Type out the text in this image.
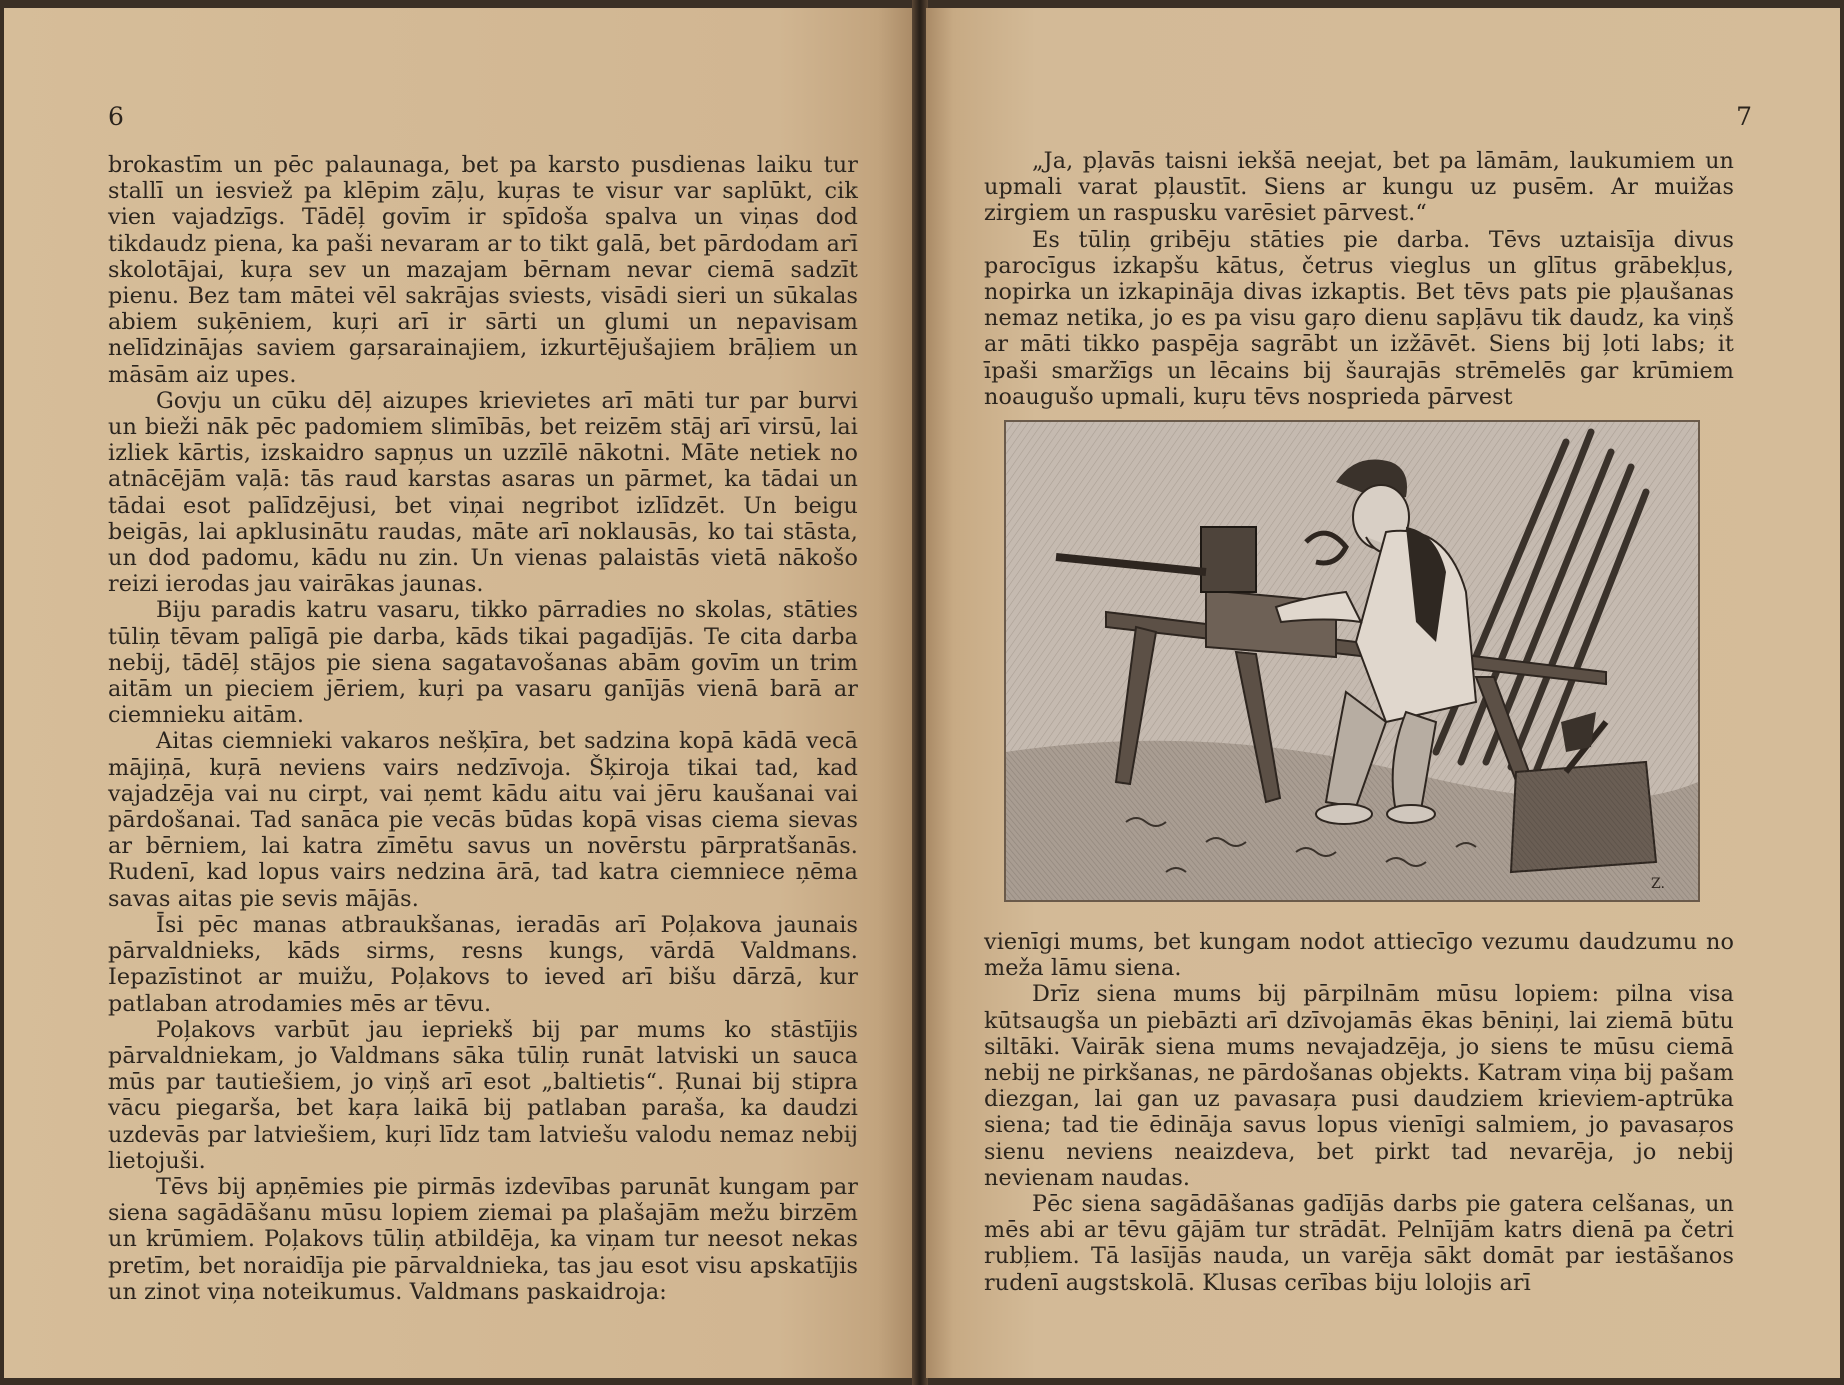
6

brokastīm un pēc palaunaga, bet pa karsto pusdienas laiku tur stallī un iesviež pa klēpim zāļu, kuŗas te visur var saplūkt, cik vien vajadzīgs. Tādēļ govīm ir spīdoša spalva un viņas dod tikdaudz piena, ka paši nevaram ar to tikt galā, bet pārdodam arī skolotājai, kuŗa sev un mazajam bērnam nevar ciemā sadzīt pienu. Bez tam mātei vēl sakrājas sviests, visādi sieri un sūkalas abiem suķēniem, kuŗi arī ir sārti un glumi un nepavisam nelīdzinājas saviem gaŗsarainajiem, izkurtējušajiem brāļiem un māsām aiz upes.

Govju un cūku dēļ aizupes krievietes arī māti tur par burvi un bieži nāk pēc padomiem slimībās, bet reizēm stāj arī virsū, lai izliek kārtis, izskaidro sapņus un uzzīlē nākotni. Māte netiek no atnācējām vaļā: tās raud karstas asaras un pārmet, ka tādai un tādai esot palīdzējusi, bet viņai negribot izlīdzēt. Un beigu beigās, lai apklusinātu raudas, māte arī noklausās, ko tai stāsta, un dod padomu, kādu nu zin. Un vienas palaistās vietā nākošo reizi ierodas jau vairākas jaunas.

Biju paradis katru vasaru, tikko pārradies no skolas, stāties tūliņ tēvam palīgā pie darba, kāds tikai pagadījās. Te cita darba nebij, tādēļ stājos pie siena sagatavošanas abām govīm un trim aitām un pieciem jēriem, kuŗi pa vasaru ganījās vienā barā ar ciemnieku aitām.

Aitas ciemnieki vakaros nešķīra, bet sadzina kopā kādā vecā mājiņā, kuŗā neviens vairs nedzīvoja. Šķiroja tikai tad, kad vajadzēja vai nu cirpt, vai ņemt kādu aitu vai jēru kaušanai vai pārdošanai. Tad sanāca pie vecās būdas kopā visas ciema sievas ar bērniem, lai katra zīmētu savus un novērstu pārpratšanās. Rudenī, kad lopus vairs nedzina ārā, tad katra ciemniece ņēma savas aitas pie sevis mājās.

Īsi pēc manas atbraukšanas, ieradās arī Poļakova jaunais pārvaldnieks, kāds sirms, resns kungs, vārdā Valdmans. Iepazīstinot ar muižu, Poļakovs to ieved arī bišu dārzā, kur patlaban atrodamies mēs ar tēvu.

Poļakovs varbūt jau iepriekš bij par mums ko stāstījis pārvaldniekam, jo Valdmans sāka tūliņ runāt latviski un sauca mūs par tautiešiem, jo viņš arī esot „baltietis“. Ŗunai bij stipra vācu piegarša, bet kaŗa laikā bij patlaban paraša, ka daudzi uzdevās par latviešiem, kuŗi līdz tam latviešu valodu nemaz nebij lietojuši.

Tēvs bij apņēmies pie pirmās izdevības parunāt kungam par siena sagādāšanu mūsu lopiem ziemai pa plašajām mežu birzēm un krūmiem. Poļakovs tūliņ atbildēja, ka viņam tur neesot nekas pretīm, bet noraidīja pie pārvaldnieka, tas jau esot visu apskatījis un zinot viņa noteikumus. Valdmans paskaidroja:

7

„Ja, pļavās taisni iekšā neejat, bet pa lāmām, laukumiem un upmali varat pļaustīt. Siens ar kungu uz pusēm. Ar muižas zirgiem un raspusku varēsiet pārvest.“

Es tūliņ gribēju stāties pie darba. Tēvs uztaisīja divus parocīgus izkapšu kātus, četrus vieglus un glītus grābekļus, nopirka un izkapināja divas izkaptis. Bet tēvs pats pie pļaušanas nemaz netika, jo es pa visu gaŗo dienu sapļāvu tik daudz, ka viņš ar māti tikko paspēja sagrābt un izžāvēt. Siens bij ļoti labs; it īpaši smaržīgs un lēcains bij šaurajās strēmelēs gar krūmiem noaugušo upmali, kuŗu tēvs nosprieda pārvest

Z.

vienīgi mums, bet kungam nodot attiecīgo vezumu daudzumu no meža lāmu siena.

Drīz siena mums bij pārpilnām mūsu lopiem: pilna visa kūtsaugša un piebāzti arī dzīvojamās ēkas bēniņi, lai ziemā būtu siltāki. Vairāk siena mums nevajadzēja, jo siens te mūsu ciemā nebij ne pirkšanas, ne pārdošanas objekts. Katram viņa bij pašam diezgan, lai gan uz pavasaŗa pusi daudziem krieviem-aptrūka siena; tad tie ēdināja savus lopus vienīgi salmiem, jo pavasaŗos sienu neviens neaizdeva, bet pirkt tad nevarēja, jo nebij nevienam naudas.

Pēc siena sagādāšanas gadījās darbs pie gatera celšanas, un mēs abi ar tēvu gājām tur strādāt. Pelnījām katrs dienā pa četri rubļiem. Tā lasījās nauda, un varēja sākt domāt par iestāšanos rudenī augstskolā. Klusas cerības biju lolojis arī
